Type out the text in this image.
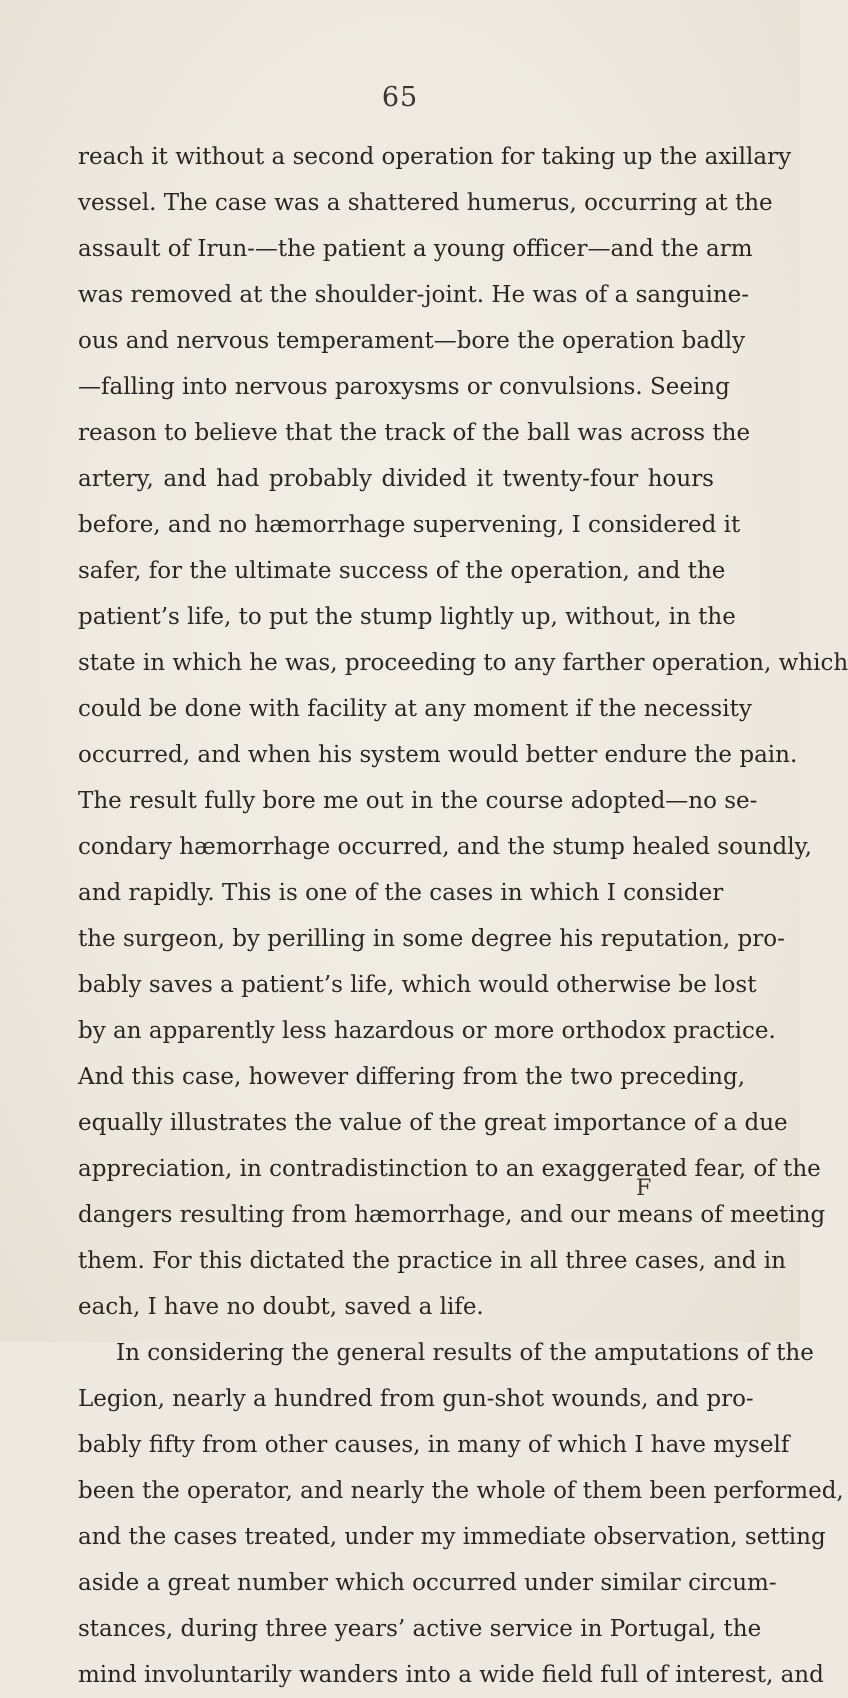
65
reach it without a second operation for taking up the axillary
vessel. The case was a shattered humerus, occurring at the
assault of Irun-—the patient a young officer—and the arm
was removed at the shoulder-joint. He was of a sanguine-
ous and nervous temperament—bore the operation badly
—falling into nervous paroxysms or convulsions. Seeing
reason to believe that the track of the ball was across the
artery, and had probably divided it twenty-four hours
before, and no hæmorrhage supervening, I considered it
safer, for the ultimate success of the operation, and the
patient’s life, to put the stump lightly up, without, in the
state in which he was, proceeding to any farther operation, which
could be done with facility at any moment if the necessity
occurred, and when his system would better endure the pain.
The result fully bore me out in the course adopted—no se-
condary hæmorrhage occurred, and the stump healed soundly,
and rapidly. This is one of the cases in which I consider
the surgeon, by perilling in some degree his reputation, pro-
bably saves a patient’s life, which would otherwise be lost
by an apparently less hazardous or more orthodox practice.
And this case, however differing from the two preceding,
equally illustrates the value of the great importance of a due
appreciation, in contradistinction to an exaggerated fear, of the
dangers resulting from hæmorrhage, and our means of meeting
them. For this dictated the practice in all three cases, and in
each, I have no doubt, saved a life.
In considering the general results of the amputations of the
Legion, nearly a hundred from gun-shot wounds, and pro-
bably fifty from other causes, in many of which I have myself
been the operator, and nearly the whole of them been performed,
and the cases treated, under my immediate observation, setting
aside a great number which occurred under similar circum-
stances, during three years’ active service in Portugal, the
mind involuntarily wanders into a wide field full of interest, and
F
